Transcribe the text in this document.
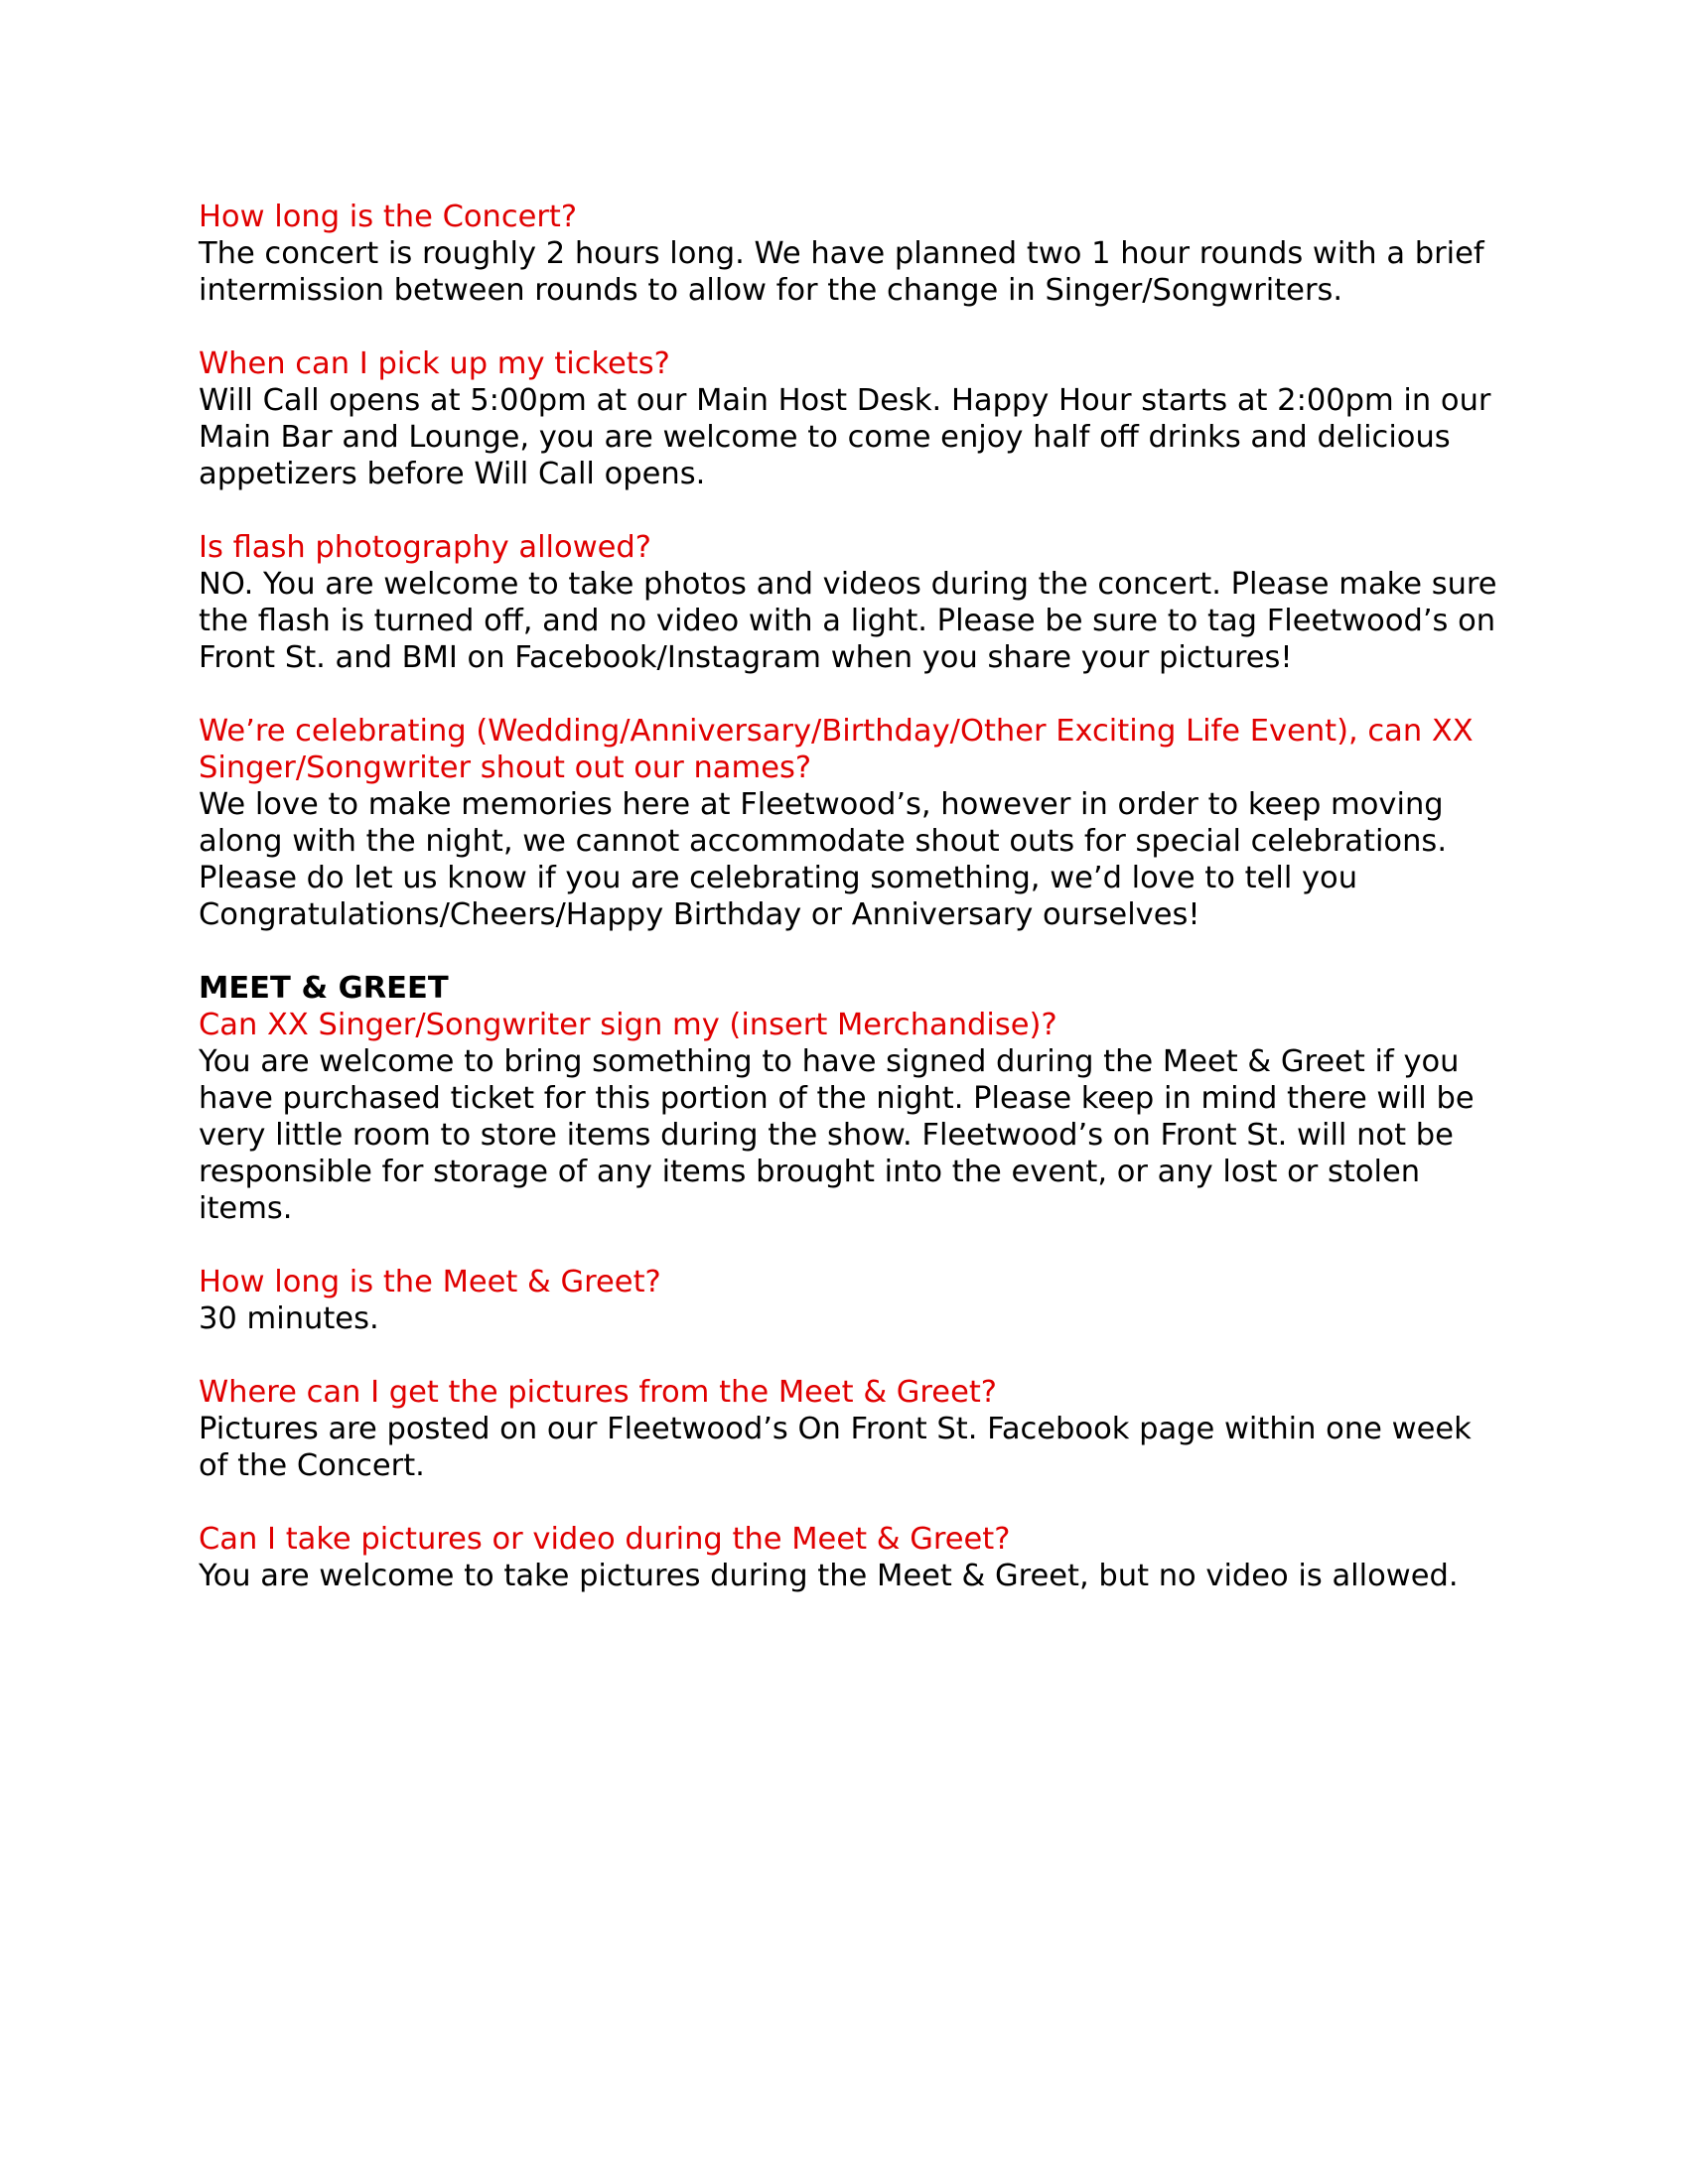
How long is the Concert?
The concert is roughly 2 hours long. We have planned two 1 hour rounds with a brief intermission between rounds to allow for the change in Singer/Songwriters.
When can I pick up my tickets?
Will Call opens at 5:00pm at our Main Host Desk. Happy Hour starts at 2:00pm in our Main Bar and Lounge, you are welcome to come enjoy half off drinks and delicious appetizers before Will Call opens.
Is flash photography allowed?
NO. You are welcome to take photos and videos during the concert. Please make sure the flash is turned off, and no video with a light. Please be sure to tag Fleetwood’s on Front St. and BMI on Facebook/Instagram when you share your pictures!
We’re celebrating (Wedding/Anniversary/Birthday/Other Exciting Life Event), can XX Singer/Songwriter shout out our names?
We love to make memories here at Fleetwood’s, however in order to keep moving along with the night, we cannot accommodate shout outs for special celebrations. Please do let us know if you are celebrating something, we’d love to tell you Congratulations/Cheers/Happy Birthday or Anniversary ourselves!
MEET & GREET
Can XX Singer/Songwriter sign my (insert Merchandise)?
You are welcome to bring something to have signed during the Meet & Greet if you have purchased ticket for this portion of the night. Please keep in mind there will be very little room to store items during the show. Fleetwood’s on Front St. will not be responsible for storage of any items brought into the event, or any lost or stolen items.
How long is the Meet & Greet?
30 minutes.
Where can I get the pictures from the Meet & Greet?
Pictures are posted on our Fleetwood’s On Front St. Facebook page within one week of the Concert.
Can I take pictures or video during the Meet & Greet?
You are welcome to take pictures during the Meet & Greet, but no video is allowed.
